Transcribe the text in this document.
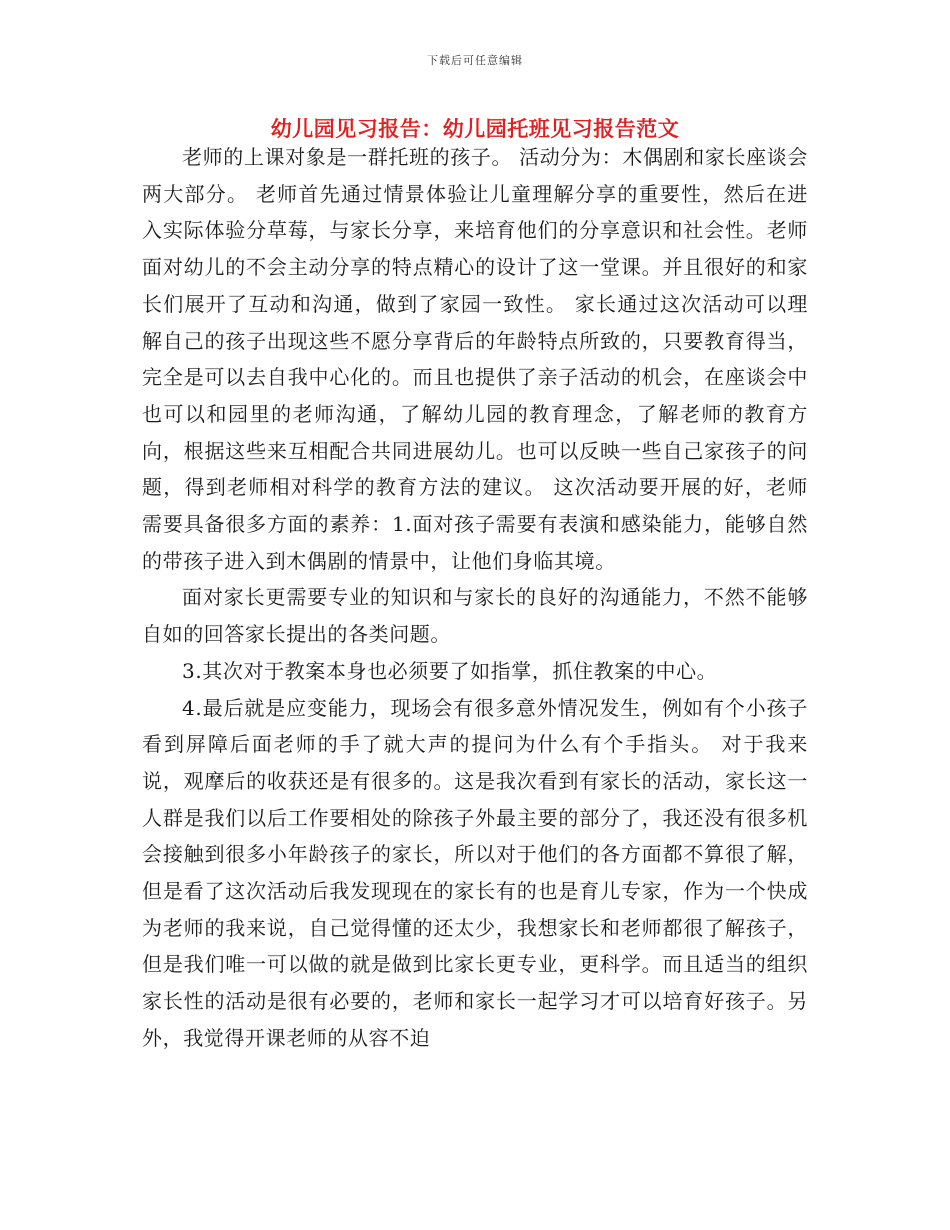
下载后可任意编辑
幼儿园见习报告：幼儿园托班见习报告范文

老师的上课对象是一群托班的孩子。 活动分为：木偶剧和家长座谈会两大部分。 老师首先通过情景体验让儿童理解分享的重要性，然后在进入实际体验分草莓，与家长分享，来培育他们的分享意识和社会性。老师面对幼儿的不会主动分享的特点精心的设计了这一堂课。并且很好的和家长们展开了互动和沟通，做到了家园一致性。 家长通过这次活动可以理解自己的孩子出现这些不愿分享背后的年龄特点所致的，只要教育得当，完全是可以去自我中心化的。而且也提供了亲子活动的机会，在座谈会中也可以和园里的老师沟通，了解幼儿园的教育理念，了解老师的教育方向，根据这些来互相配合共同进展幼儿。也可以反映一些自己家孩子的问题，得到老师相对科学的教育方法的建议。 这次活动要开展的好，老师需要具备很多方面的素养：1.面对孩子需要有表演和感染能力，能够自然的带孩子进入到木偶剧的情景中，让他们身临其境。

面对家长更需要专业的知识和与家长的良好的沟通能力，不然不能够自如的回答家长提出的各类问题。

3.其次对于教案本身也必须要了如指掌，抓住教案的中心。

4.最后就是应变能力，现场会有很多意外情况发生，例如有个小孩子看到屏障后面老师的手了就大声的提问为什么有个手指头。 对于我来说，观摩后的收获还是有很多的。这是我次看到有家长的活动，家长这一人群是我们以后工作要相处的除孩子外最主要的部分了，我还没有很多机会接触到很多小年龄孩子的家长，所以对于他们的各方面都不算很了解，但是看了这次活动后我发现现在的家长有的也是育儿专家，作为一个快成为老师的我来说，自己觉得懂的还太少，我想家长和老师都很了解孩子，但是我们唯一可以做的就是做到比家长更专业，更科学。而且适当的组织家长性的活动是很有必要的，老师和家长一起学习才可以培育好孩子。另外，我觉得开课老师的从容不迫
